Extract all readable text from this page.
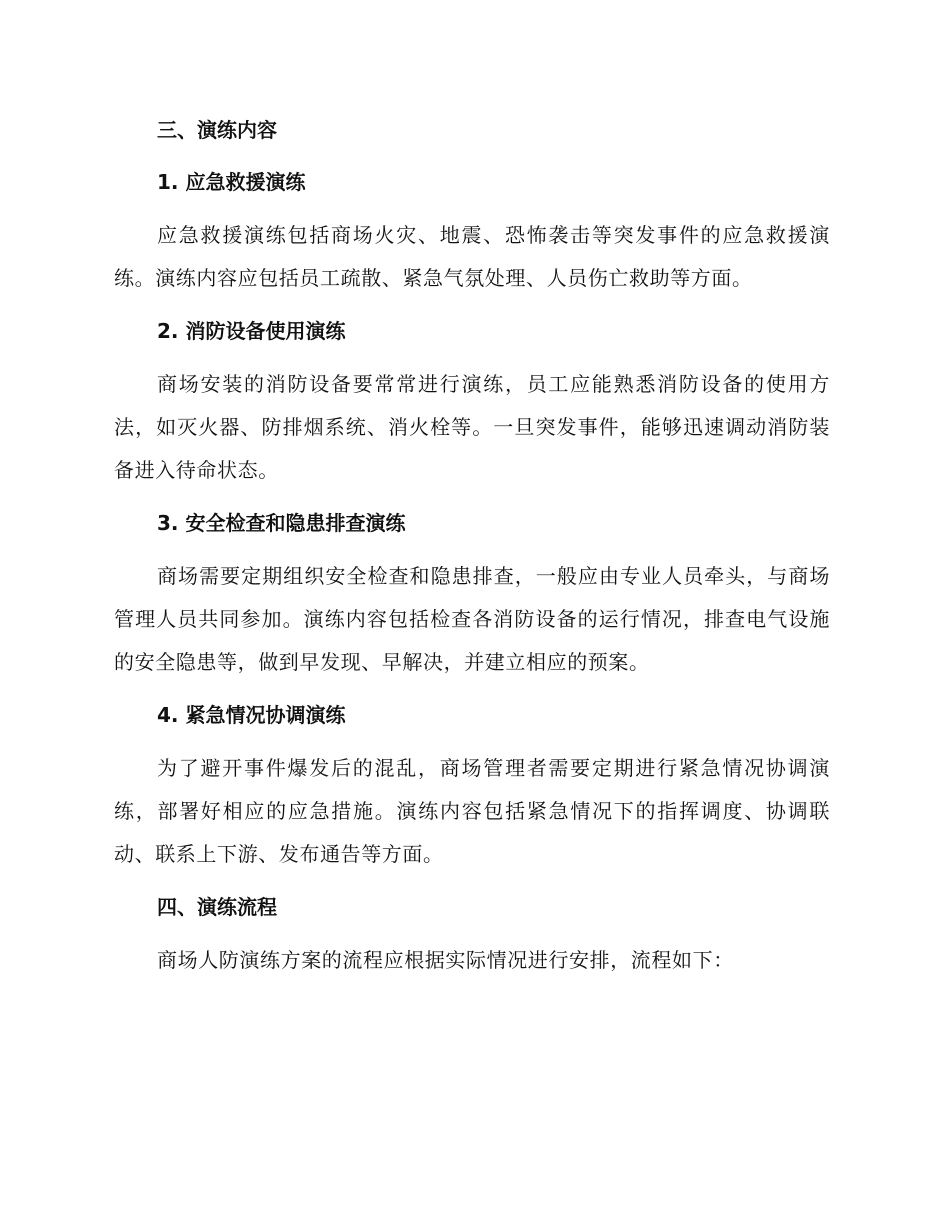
三、演练内容

1. 应急救援演练

应急救援演练包括商场火灾、地震、恐怖袭击等突发事件的应急救援演练。演练内容应包括员工疏散、紧急气氛处理、人员伤亡救助等方面。

2. 消防设备使用演练

商场安装的消防设备要常常进行演练，员工应能熟悉消防设备的使用方法，如灭火器、防排烟系统、消火栓等。一旦突发事件，能够迅速调动消防装备进入待命状态。

3. 安全检查和隐患排查演练

商场需要定期组织安全检查和隐患排查，一般应由专业人员牵头，与商场管理人员共同参加。演练内容包括检查各消防设备的运行情况，排查电气设施的安全隐患等，做到早发现、早解决，并建立相应的预案。

4. 紧急情况协调演练

为了避开事件爆发后的混乱，商场管理者需要定期进行紧急情况协调演练，部署好相应的应急措施。演练内容包括紧急情况下的指挥调度、协调联动、联系上下游、发布通告等方面。

四、演练流程

商场人防演练方案的流程应根据实际情况进行安排，流程如下：
